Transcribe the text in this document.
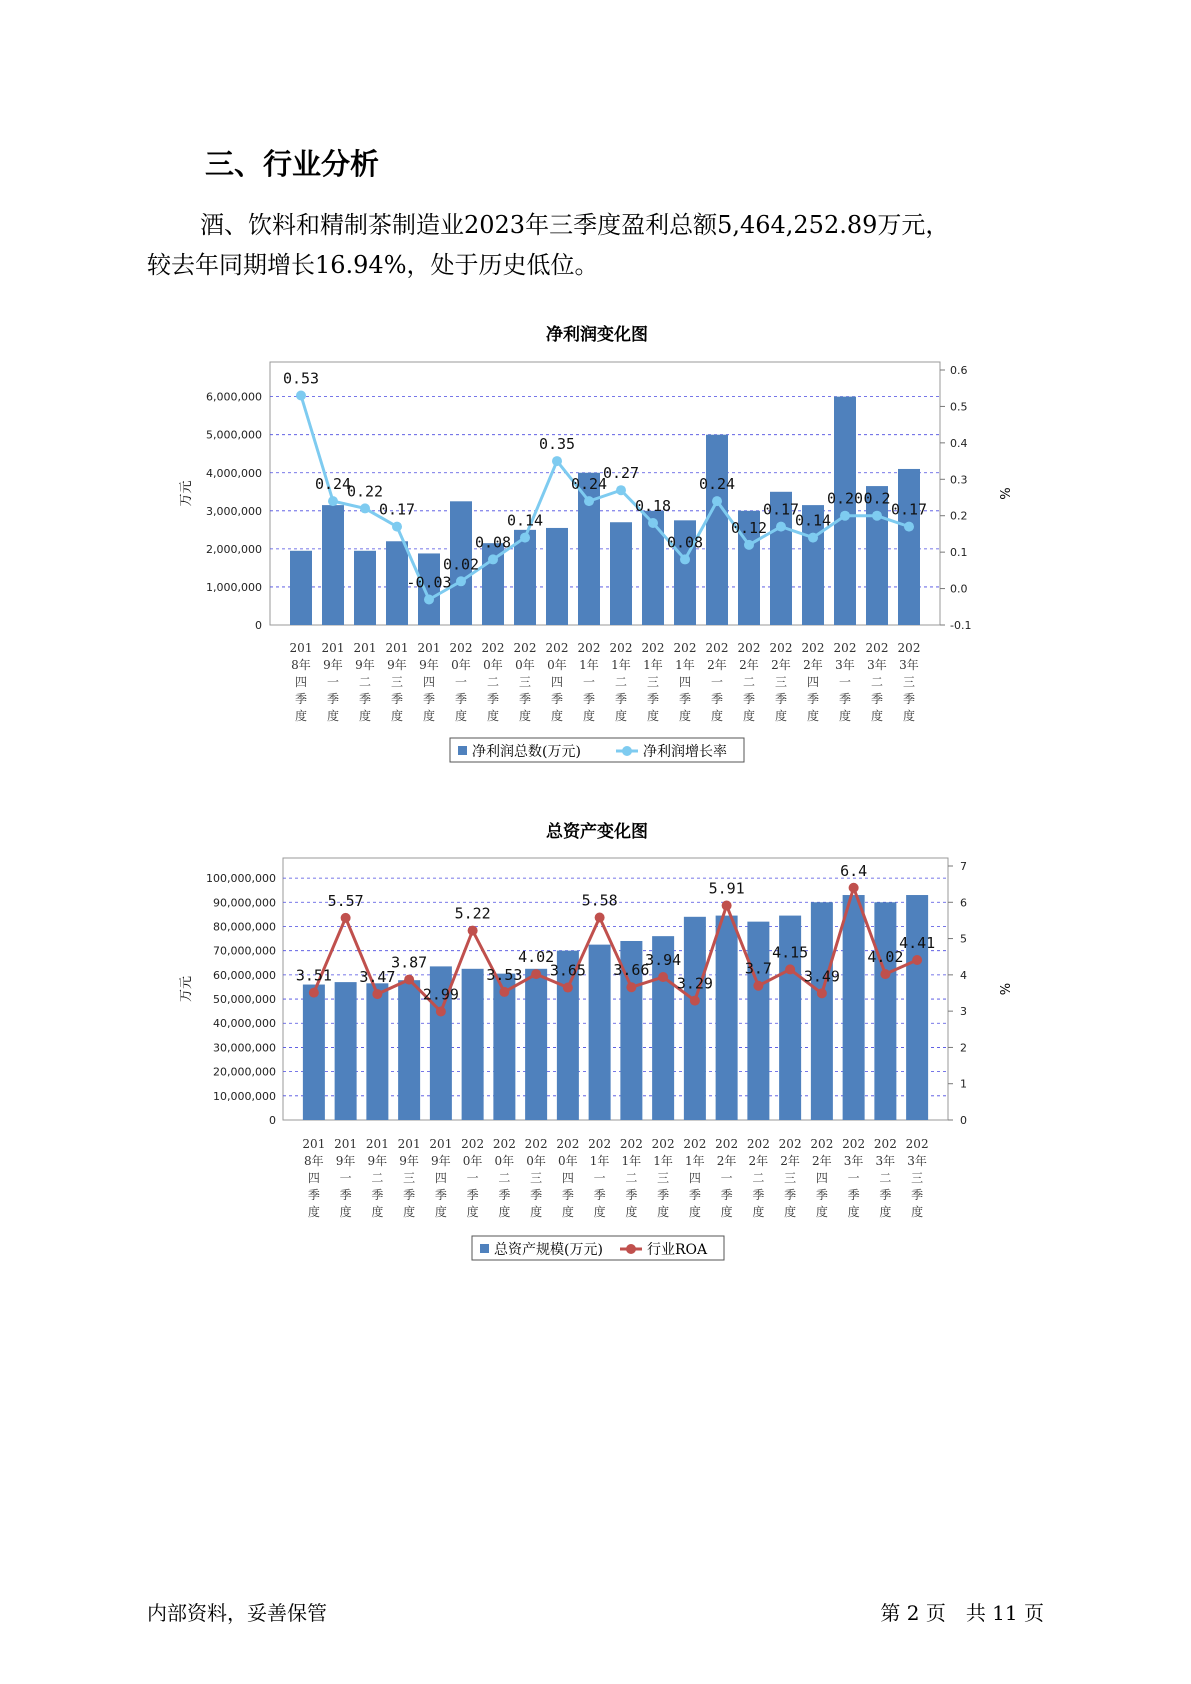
三、行业分析
酒、饮料和精制茶制造业2023年三季度盈利总额5,464,252.89万元，
较去年同期增长16.94%，处于历史低位。
净利润变化图
0
1,000,000
2,000,000
3,000,000
4,000,000
5,000,000
6,000,000
-0.1
0.0
0.1
0.2
0.3
0.4
0.5
0.6
万元	%
201
8年
四
季
度
201
9年
一
季
度
201
9年
二
季
度
201
9年
三
季
度
201
9年
四
季
度
202
0年
一
季
度
202
0年
二
季
度
202
0年
三
季
度
202
0年
四
季
度
202
1年
一
季
度
202
1年
二
季
度
202
1年
三
季
度
202
1年
四
季
度
202
2年
一
季
度
202
2年
二
季
度
202
2年
三
季
度
202
2年
四
季
度
202
3年
一
季
度
202
3年
二
季
度
202
3年
三
季
度
0.53
0.24
0.22
0.17
-0.03
0.02
0.08
0.14
0.35
0.24
0.27
0.18
0.08
0.24
0.12
0.17
0.14
0.20 0.2
0.17
净利润总数(万元)	净利润增长率
总资产变化图
0
10,000,000
20,000,000
30,000,000
40,000,000
50,000,000
60,000,000
70,000,000
80,000,000
90,000,000
100,000,000
0
1
2
3
4
5
6
7
万元	%
201
8年
四
季
度
201
9年
一
季
度
201
9年
二
季
度
201
9年
三
季
度
201
9年
四
季
度
202
0年
一
季
度
202
0年
二
季
度
202
0年
三
季
度
202
0年
四
季
度
202
1年
一
季
度
202
1年
二
季
度
202
1年
三
季
度
202
1年
四
季
度
202
2年
一
季
度
202
2年
二
季
度
202
2年
三
季
度
202
2年
四
季
度
202
3年
一
季
度
202
3年
二
季
度
202
3年
三
季
度
3.51
5.57
3.47
3.87
2.99
5.22
3.53
4.02
3.65
5.58
3.66
3.94
3.29
5.91
3.7
4.15
3.49
6.4
4.02
4.41
总资产规模(万元)	行业ROA
内部资料，妥善保管	第 2 页　共 11 页
